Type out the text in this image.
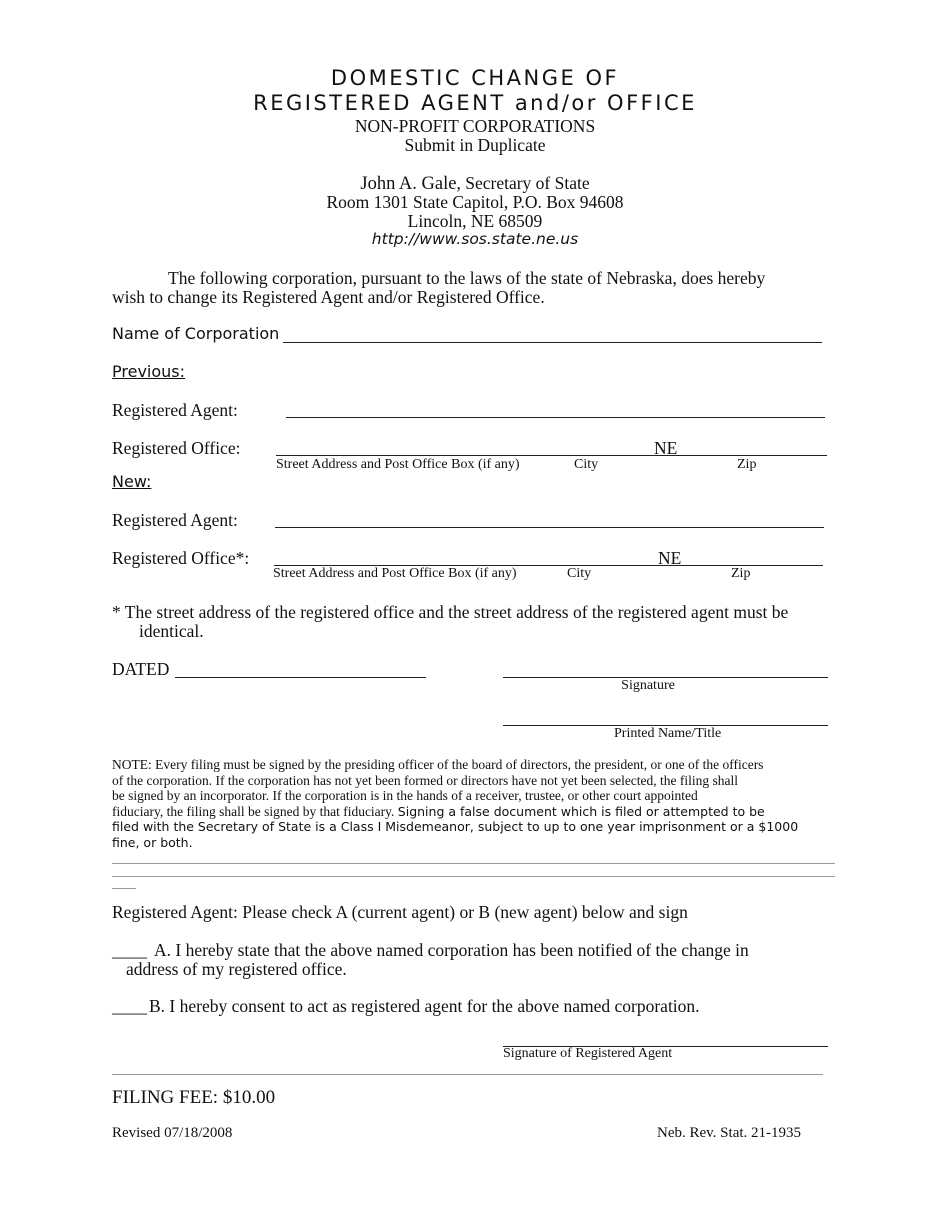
DOMESTIC CHANGE OF
REGISTERED AGENT and/or OFFICE
NON-PROFIT CORPORATIONS
Submit in Duplicate
John A. Gale, Secretary of State
Room 1301 State Capitol, P.O. Box 94608
Lincoln, NE 68509
http://www.sos.state.ne.us
The following corporation, pursuant to the laws of the state of Nebraska, does hereby
wish to change its Registered Agent and/or Registered Office.
Name of Corporation
Previous:
Registered Agent:
Registered Office:	NE
Street Address and Post Office Box (if any)	City	Zip
New:
Registered Agent:
Registered Office*:	NE
Street Address and Post Office Box (if any)	City	Zip
* The street address of the registered office and the street address of the registered agent must be
identical.
DATED
Signature
Printed Name/Title
NOTE: Every filing must be signed by the presiding officer of the board of directors, the president, or one of the officers
of the corporation. If the corporation has not yet been formed or directors have not yet been selected, the filing shall
be signed by an incorporator. If the corporation is in the hands of a receiver, trustee, or other court appointed
fiduciary, the filing shall be signed by that fiduciary. Signing a false document which is filed or attempted to be
filed with the Secretary of State is a Class I Misdemeanor, subject to up to one year imprisonment or a $1000
fine, or both.
Registered Agent: Please check A (current agent) or B (new agent) below and sign
____ A. I hereby state that the above named corporation has been notified of the change in
address of my registered office.
____ B. I hereby consent to act as registered agent for the above named corporation.
Signature of Registered Agent
FILING FEE: $10.00
Revised 07/18/2008	Neb. Rev. Stat. 21-1935
